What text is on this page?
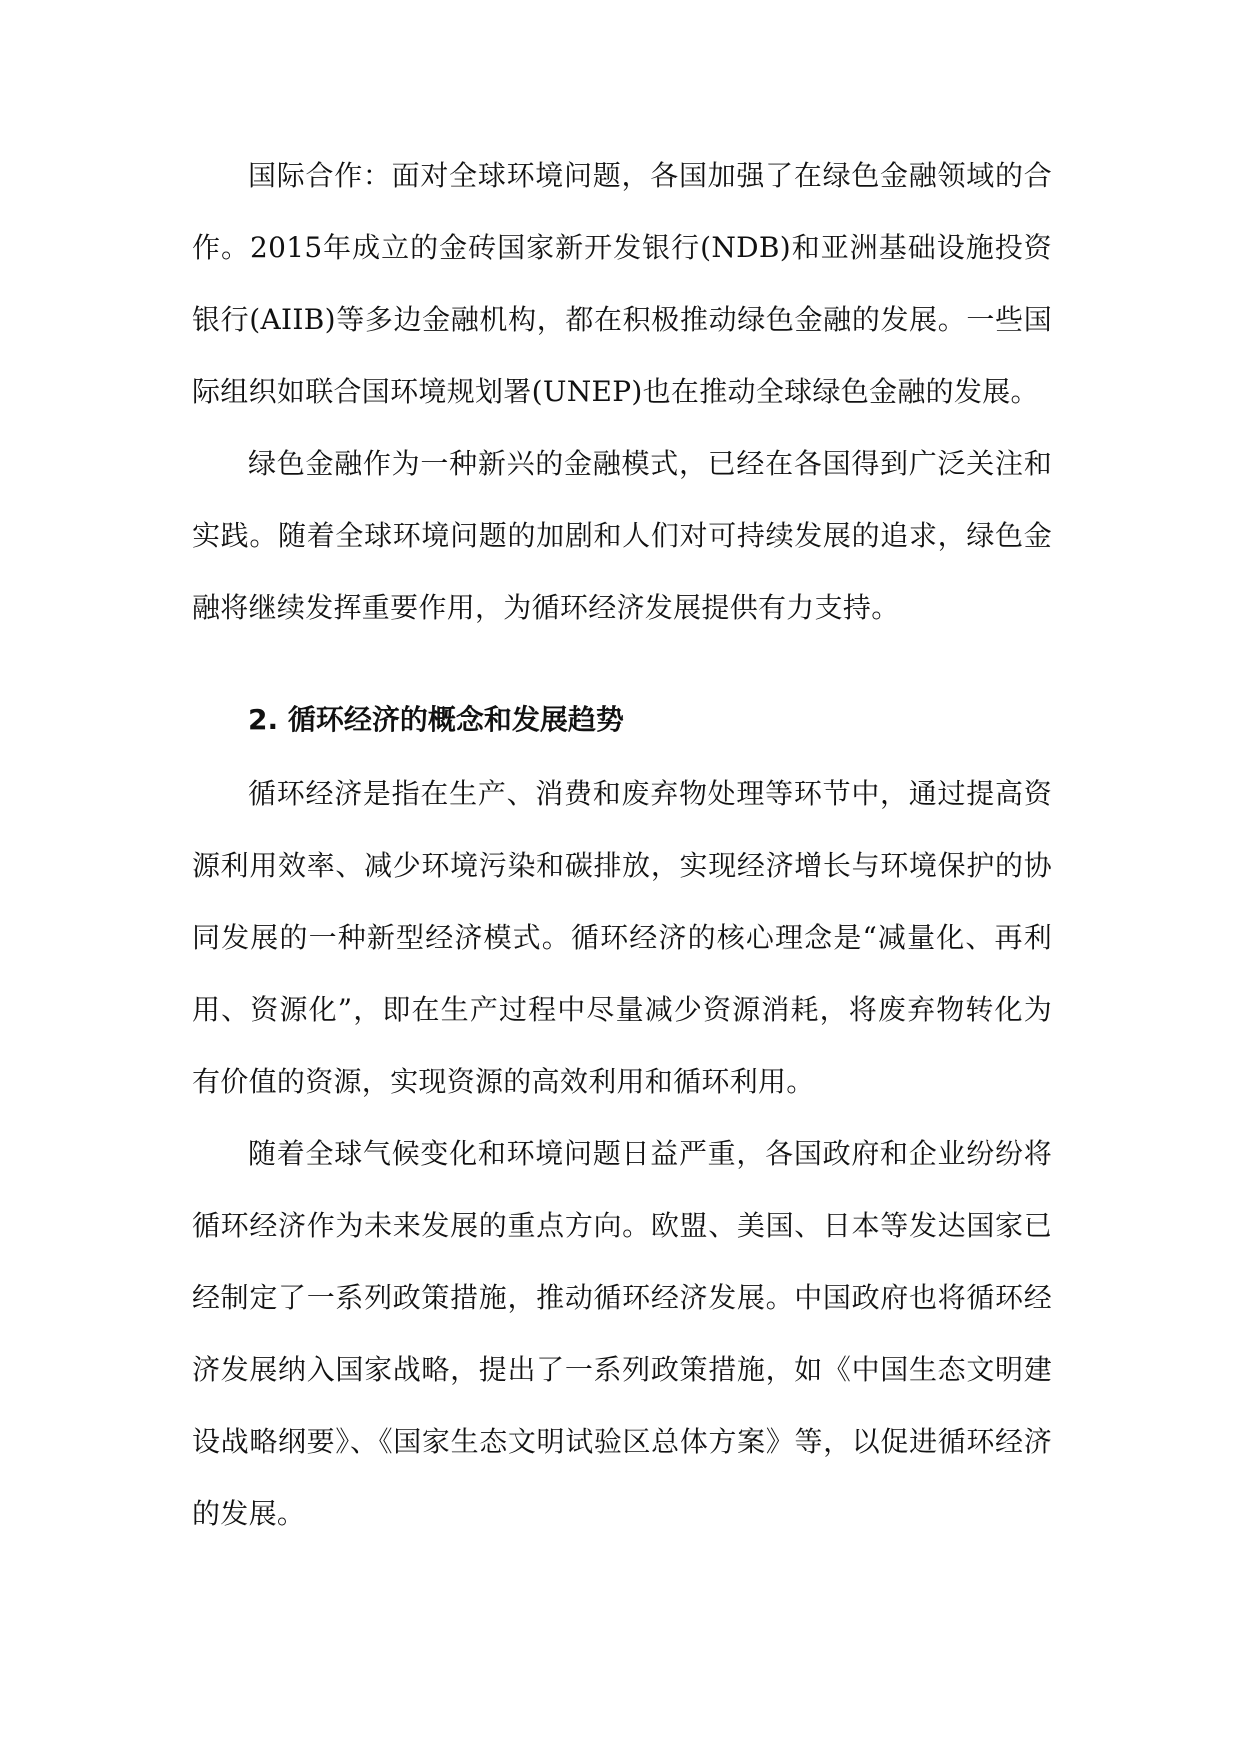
国际合作：面对全球环境问题，各国加强了在绿色金融领域的合作。2015年成立的金砖国家新开发银行(NDB)和亚洲基础设施投资银行(AIIB)等多边金融机构，都在积极推动绿色金融的发展。一些国际组织如联合国环境规划署(UNEP)也在推动全球绿色金融的发展。

绿色金融作为一种新兴的金融模式，已经在各国得到广泛关注和实践。随着全球环境问题的加剧和人们对可持续发展的追求，绿色金融将继续发挥重要作用，为循环经济发展提供有力支持。

2. 循环经济的概念和发展趋势

循环经济是指在生产、消费和废弃物处理等环节中，通过提高资源利用效率、减少环境污染和碳排放，实现经济增长与环境保护的协同发展的一种新型经济模式。循环经济的核心理念是“减量化、再利用、资源化”，即在生产过程中尽量减少资源消耗，将废弃物转化为有价值的资源，实现资源的高效利用和循环利用。

随着全球气候变化和环境问题日益严重，各国政府和企业纷纷将循环经济作为未来发展的重点方向。欧盟、美国、日本等发达国家已经制定了一系列政策措施，推动循环经济发展。中国政府也将循环经济发展纳入国家战略，提出了一系列政策措施，如《中国生态文明建设战略纲要》、《国家生态文明试验区总体方案》等，以促进循环经济的发展。
